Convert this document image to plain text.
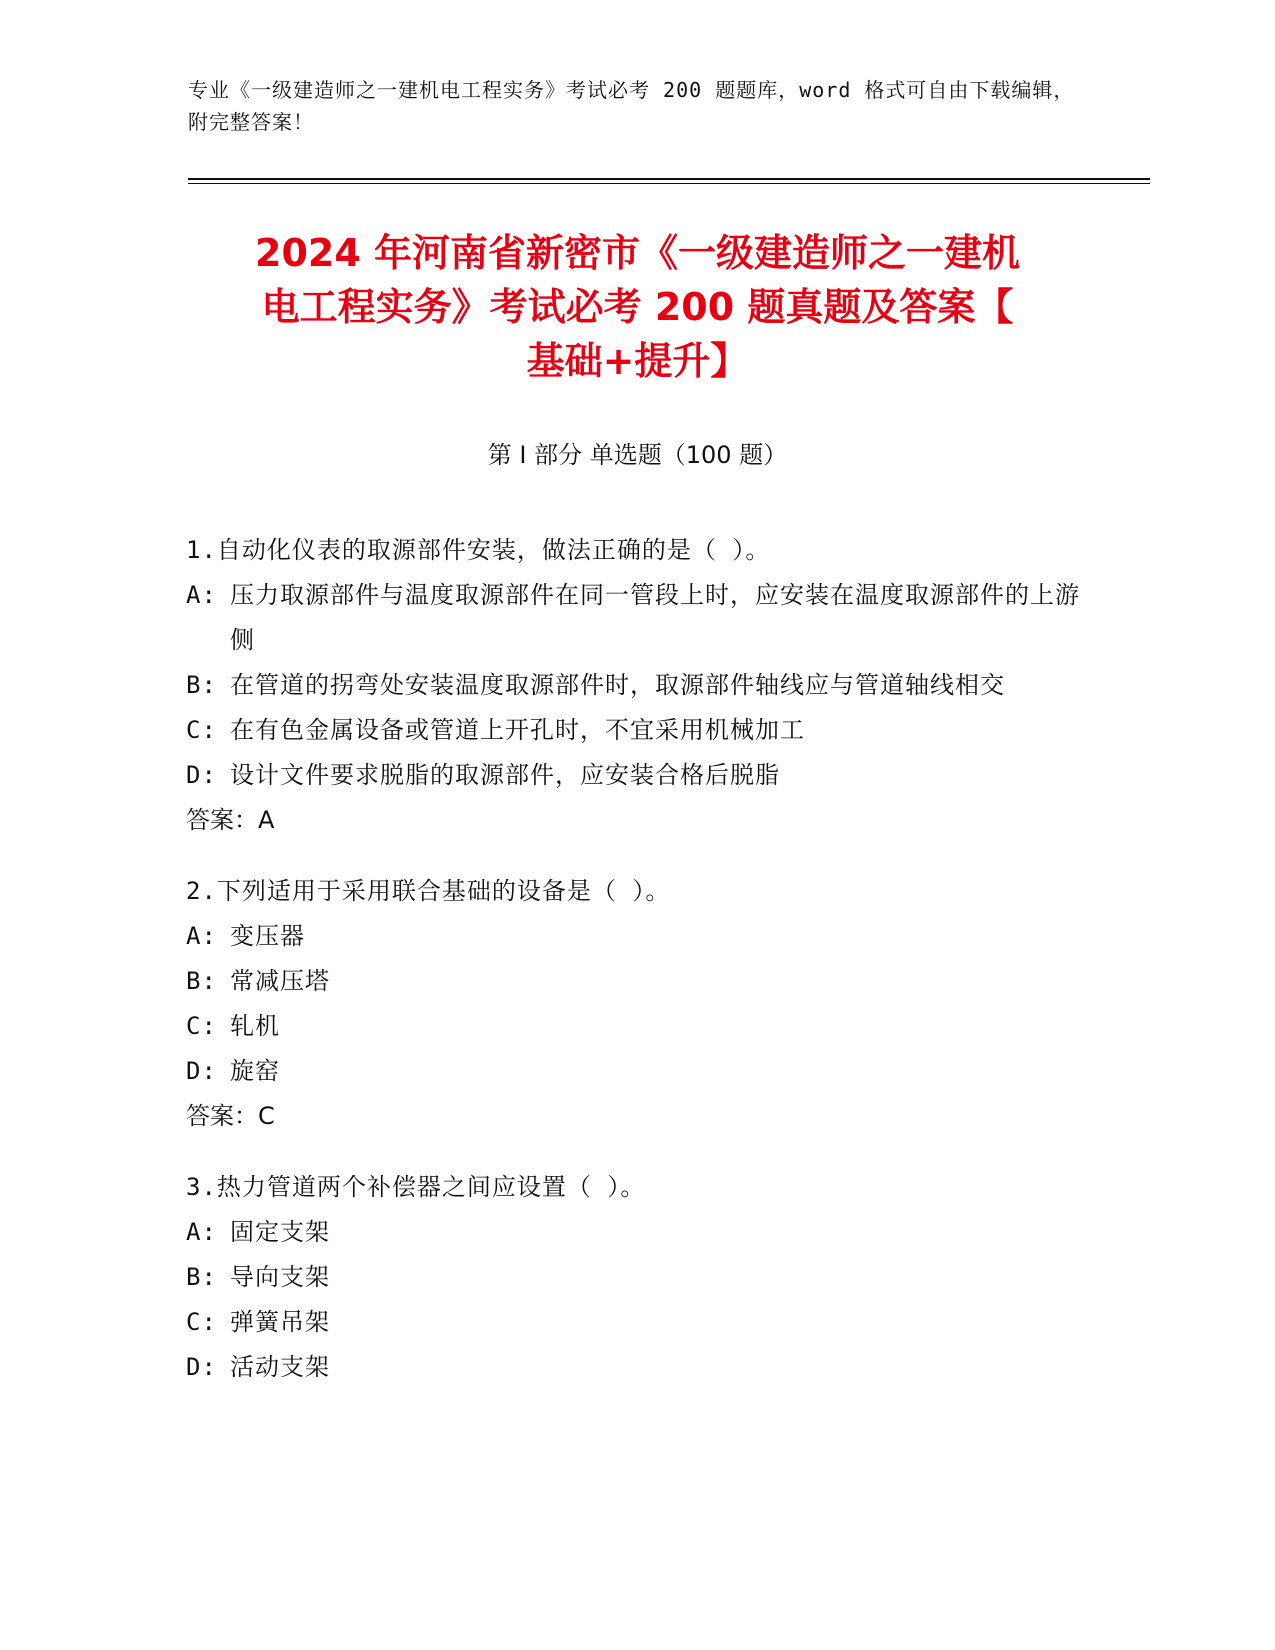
专业《一级建造师之一建机电工程实务》考试必考 200 题题库，word 格式可自由下载编辑，附完整答案！
2024 年河南省新密市《一级建造师之一建机
电工程实务》考试必考 200 题真题及答案【
基础+提升】
第 I 部分 单选题（100 题）

1.自动化仪表的取源部件安装，做法正确的是（ ）。

A: 压力取源部件与温度取源部件在同一管段上时，应安装在温度取源部件的上游侧
B: 在管道的拐弯处安装温度取源部件时，取源部件轴线应与管道轴线相交
C: 在有色金属设备或管道上开孔时，不宜采用机械加工
D: 设计文件要求脱脂的取源部件，应安装合格后脱脂

答案：A

2.下列适用于采用联合基础的设备是（ ）。

A: 变压器
B: 常减压塔
C: 轧机
D: 旋窑

答案：C

3.热力管道两个补偿器之间应设置（ ）。

A: 固定支架
B: 导向支架
C: 弹簧吊架
D: 活动支架
